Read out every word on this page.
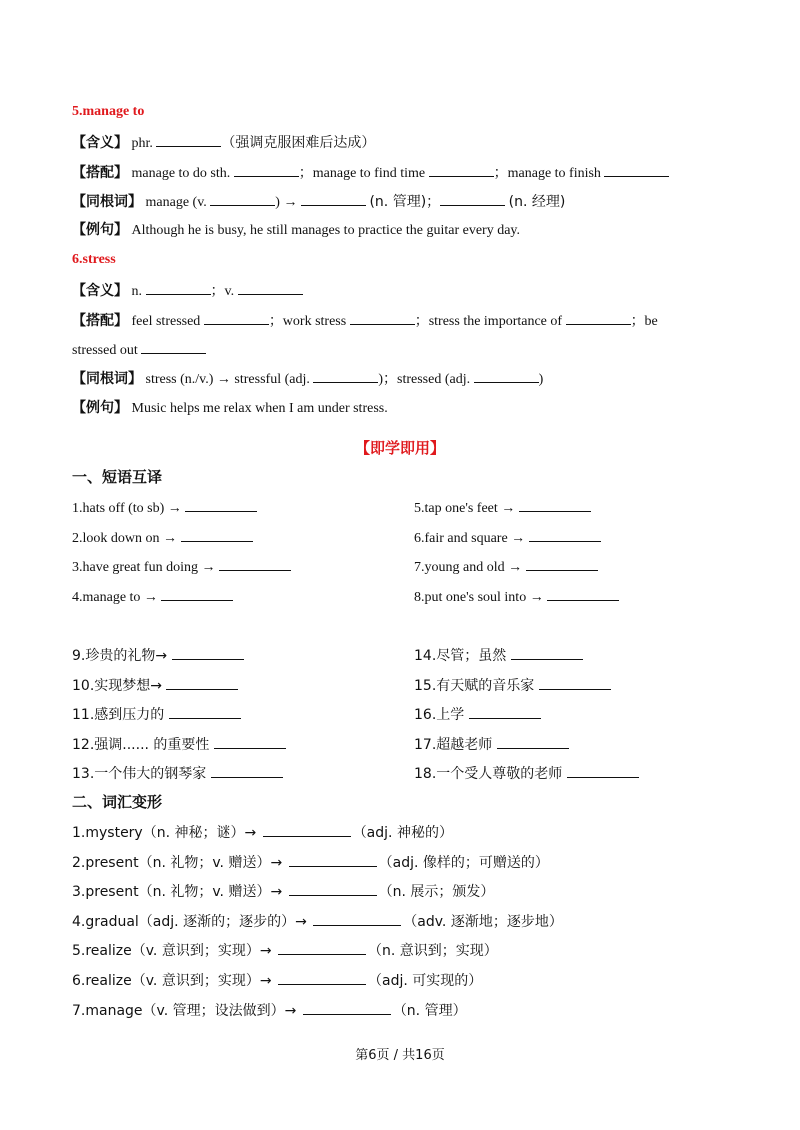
5.manage to
【含义】 phr.	（强调克服困难后达成）
【搭配】 manage to do sth.	；manage to find time	；manage to finish
【同根词】 manage (v.	) →	(n. 管理)；	(n. 经理)
【例句】 Although he is busy, he still manages to practice the guitar every day.
6.stress
【含义】 n.	；v.
【搭配】 feel stressed	；work stress	；stress the importance of	；be
stressed out
【同根词】 stress (n./v.) → stressful (adj.	)；stressed (adj.	)
【例句】 Music helps me relax when I am under stress.
【即学即用】
一、短语互译
1.hats off (to sb) →
2.look down on →
3.have great fun doing →
4.manage to →
5.tap one's feet →
6.fair and square →
7.young and old →
8.put one's soul into →
9.珍贵的礼物→
10.实现梦想→
11.感到压力的
12.强调...... 的重要性
13.一个伟大的钢琴家
14.尽管；虽然
15.有天赋的音乐家
16.上学
17.超越老师
18.一个受人尊敬的老师
二、词汇变形
1.mystery（n. 神秘；谜）→	（adj. 神秘的）
2.present（n. 礼物；v. 赠送）→	（adj. 像样的；可赠送的）
3.present（n. 礼物；v. 赠送）→	（n. 展示；颁发）
4.gradual（adj. 逐渐的；逐步的）→	（adv. 逐渐地；逐步地）
5.realize（v. 意识到；实现）→	（n. 意识到；实现）
6.realize（v. 意识到；实现）→	（adj. 可实现的）
7.manage（v. 管理；设法做到）→	（n. 管理）
第6页 / 共16页
